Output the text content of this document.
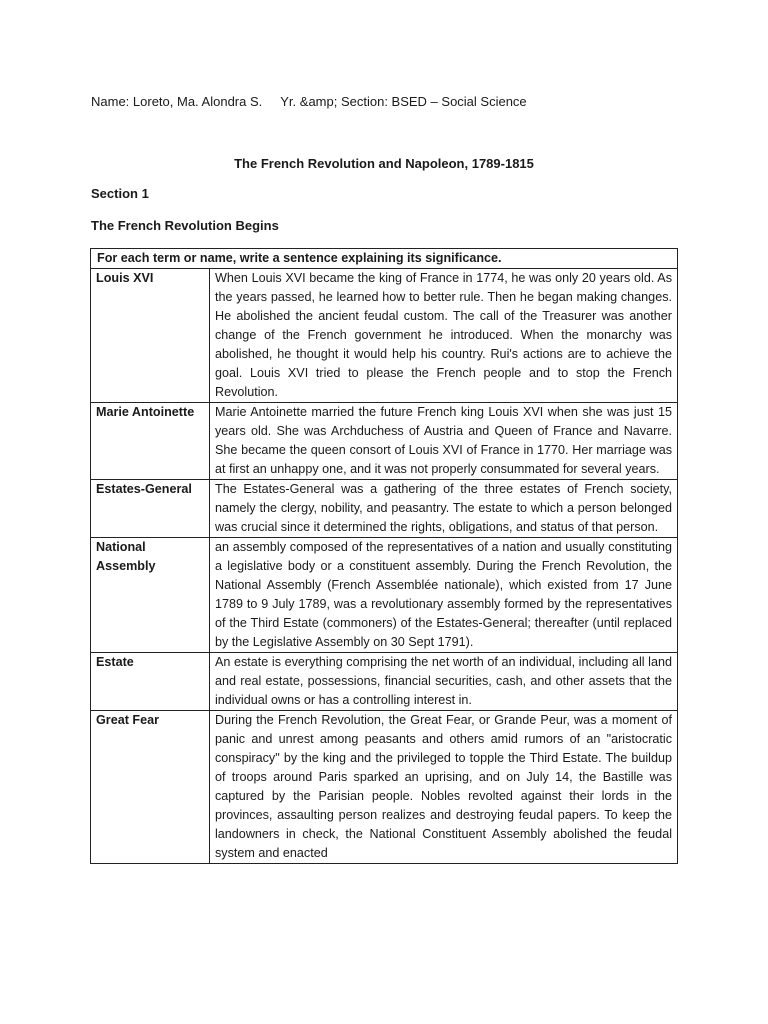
Name: Loreto, Ma. Alondra S. Yr. &amp; Section: BSED – Social Science
The French Revolution and Napoleon, 1789-1815
Section 1
The French Revolution Begins
For each term or name, write a sentence explaining its significance.	
Louis XVI	When Louis XVI became the king of France in 1774, he was only 20 years old. As the years passed, he learned how to better rule. Then he began making changes. He abolished the ancient feudal custom. The call of the Treasurer was another change of the French government he introduced. When the monarchy was abolished, he thought it would help his country. Rui's actions are to achieve the goal. Louis XVI tried to please the French people and to stop the French Revolution.
Marie Antoinette	Marie Antoinette married the future French king Louis XVI when she was just 15 years old. She was Archduchess of Austria and Queen of France and Navarre. She became the queen consort of Louis XVI of France in 1770. Her marriage was at first an unhappy one, and it was not properly consummated for several years.
Estates-General	The Estates-General was a gathering of the three estates of French society, namely the clergy, nobility, and peasantry. The estate to which a person belonged was crucial since it determined the rights, obligations, and status of that person.
National Assembly	an assembly composed of the representatives of a nation and usually constituting a legislative body or a constituent assembly. During the French Revolution, the National Assembly (French Assemblée nationale), which existed from 17 June 1789 to 9 July 1789, was a revolutionary assembly formed by the representatives of the Third Estate (commoners) of the Estates-General; thereafter (until replaced by the Legislative Assembly on 30 Sept 1791).
Estate	An estate is everything comprising the net worth of an individual, including all land and real estate, possessions, financial securities, cash, and other assets that the individual owns or has a controlling interest in.
Great Fear	During the French Revolution, the Great Fear, or Grande Peur, was a moment of panic and unrest among peasants and others amid rumors of an "aristocratic conspiracy" by the king and the privileged to topple the Third Estate. The buildup of troops around Paris sparked an uprising, and on July 14, the Bastille was captured by the Parisian people. Nobles revolted against their lords in the provinces, assaulting person realizes and destroying feudal papers. To keep the landowners in check, the National Constituent Assembly abolished the feudal system and enacted
